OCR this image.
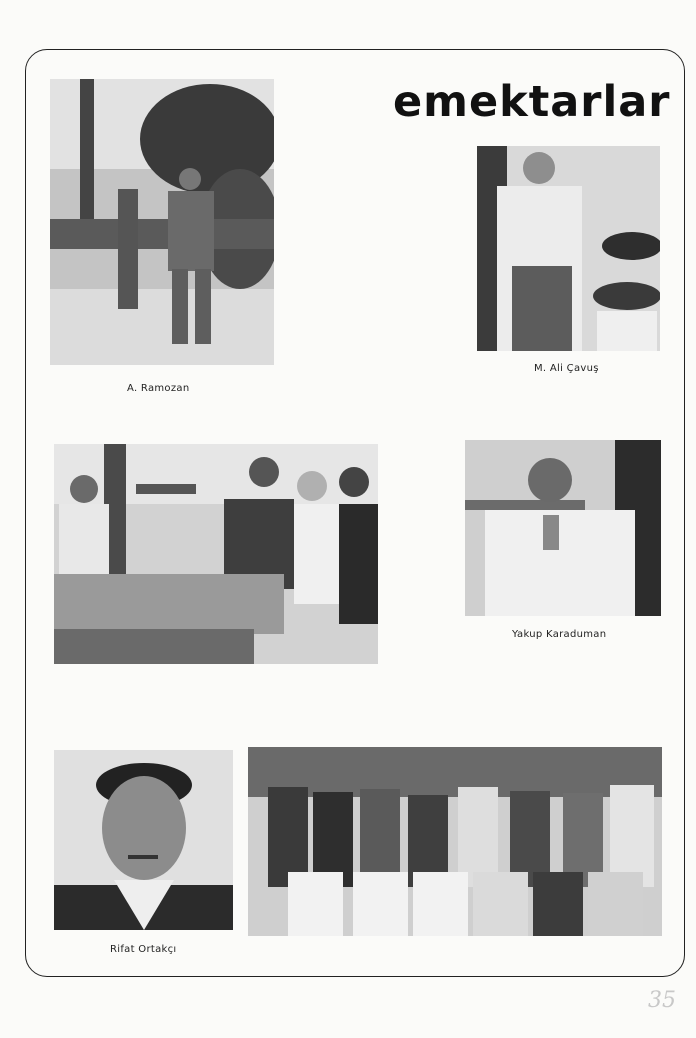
emektarlar
A. Ramozan
M. Ali Çavuş
Yakup Karaduman
Rifat Ortakçı
35
